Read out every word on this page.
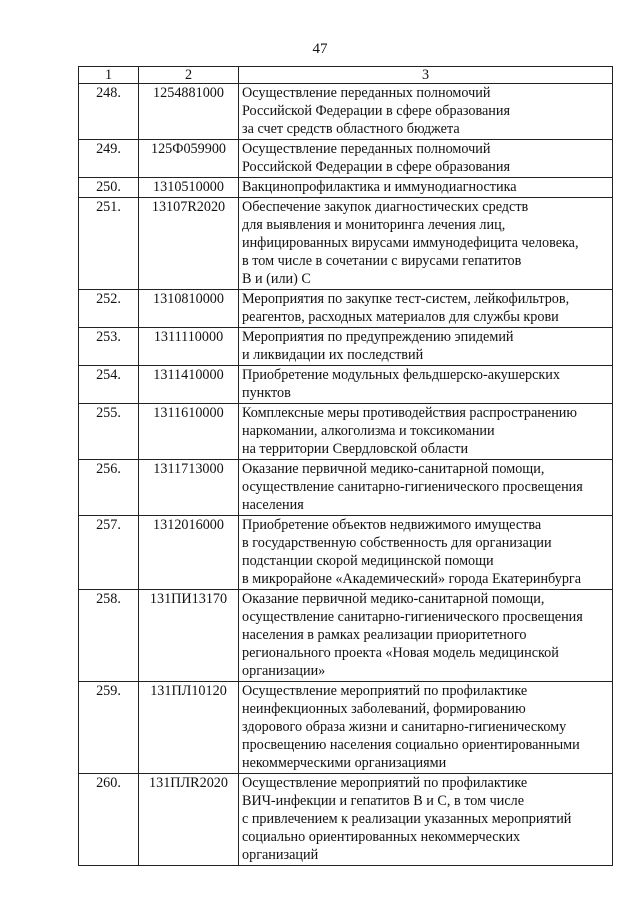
47
1	2	3
248.	1254881000	Осуществление переданных полномочий
Российской Федерации в сфере образования
за счет средств областного бюджета

249.	125Ф059900	Осуществление переданных полномочий
Российской Федерации в сфере образования

250.	1310510000	Вакцинопрофилактика и иммунодиагностика

251.	13107R2020	Обеспечение закупок диагностических средств
для выявления и мониторинга лечения лиц,
инфицированных вирусами иммунодефицита человека,
в том числе в сочетании с вирусами гепатитов
В и (или) С

252.	1310810000	Мероприятия по закупке тест-систем, лейкофильтров,
реагентов, расходных материалов для службы крови

253.	1311110000	Мероприятия по предупреждению эпидемий
и ликвидации их последствий

254.	1311410000	Приобретение модульных фельдшерско-акушерских
пунктов

255.	1311610000	Комплексные меры противодействия распространению
наркомании, алкоголизма и токсикомании
на территории Свердловской области

256.	1311713000	Оказание первичной медико-санитарной помощи,
осуществление санитарно-гигиенического просвещения
населения

257.	1312016000	Приобретение объектов недвижимого имущества
в государственную собственность для организации
подстанции скорой медицинской помощи
в микрорайоне «Академический» города Екатеринбурга

258.	131ПИ13170	Оказание первичной медико-санитарной помощи,
осуществление санитарно-гигиенического просвещения
населения в рамках реализации приоритетного
регионального проекта «Новая модель медицинской
организации»

259.	131ПЛ10120	Осуществление мероприятий по профилактике
неинфекционных заболеваний, формированию
здорового образа жизни и санитарно-гигиеническому
просвещению населения социально ориентированными
некоммерческими организациями

260.	131ПЛR2020	Осуществление мероприятий по профилактике
ВИЧ-инфекции и гепатитов В и С, в том числе
с привлечением к реализации указанных мероприятий
социально ориентированных некоммерческих
организаций
